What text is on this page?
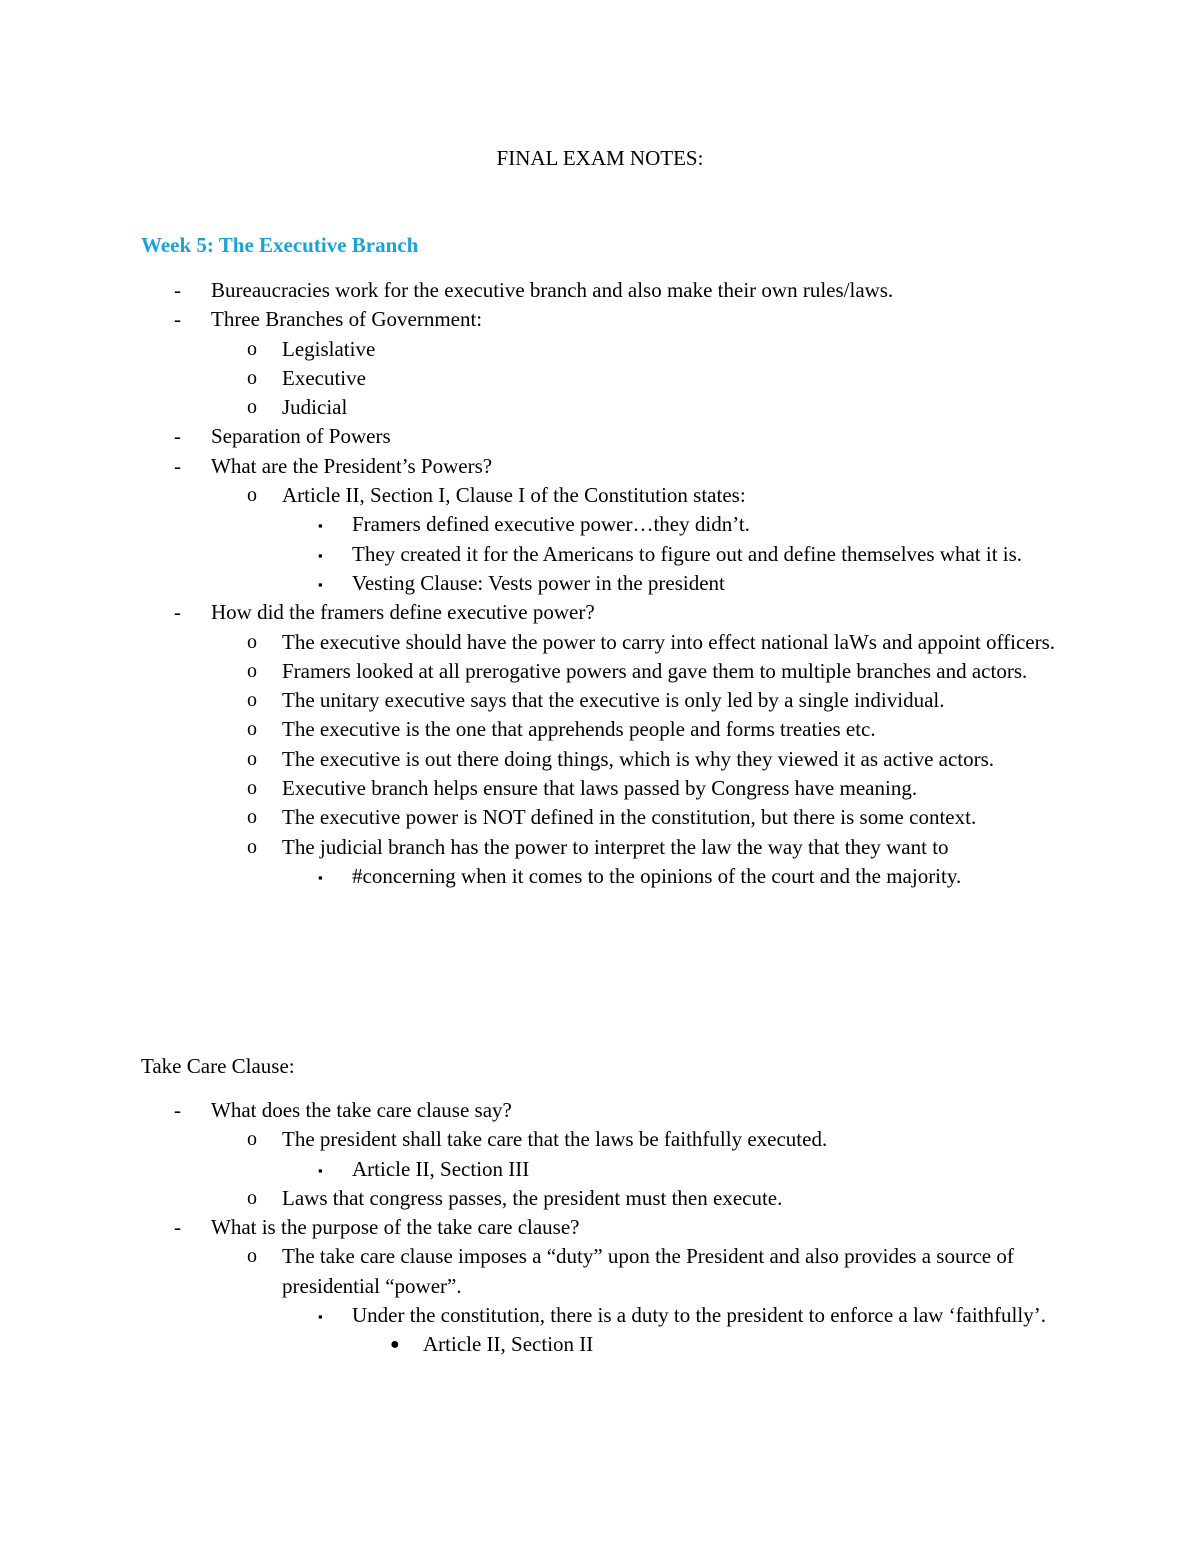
FINAL EXAM NOTES:
Week 5: The Executive Branch
- Bureaucracies work for the executive branch and also make their own rules/laws.
- Three Branches of Government:
o Legislative
o Executive
o Judicial
- Separation of Powers
- What are the President’s Powers?
o Article II, Section I, Clause I of the Constitution states:
▪ Framers defined executive power…they didn’t.
▪ They created it for the Americans to figure out and define themselves what it is.
▪ Vesting Clause: Vests power in the president
- How did the framers define executive power?
o The executive should have the power to carry into effect national laWs and appoint officers.
o Framers looked at all prerogative powers and gave them to multiple branches and actors.
o The unitary executive says that the executive is only led by a single individual.
o The executive is the one that apprehends people and forms treaties etc.
o The executive is out there doing things, which is why they viewed it as active actors.
o Executive branch helps ensure that laws passed by Congress have meaning.
o The executive power is NOT defined in the constitution, but there is some context.
o The judicial branch has the power to interpret the law the way that they want to
▪ #concerning when it comes to the opinions of the court and the majority.
Take Care Clause:
- What does the take care clause say?
o The president shall take care that the laws be faithfully executed.
▪ Article II, Section III
o Laws that congress passes, the president must then execute.
- What is the purpose of the take care clause?
o The take care clause imposes a “duty” upon the President and also provides a source of presidential “power”.
▪ Under the constitution, there is a duty to the president to enforce a law ‘faithfully’.
● Article II, Section II
